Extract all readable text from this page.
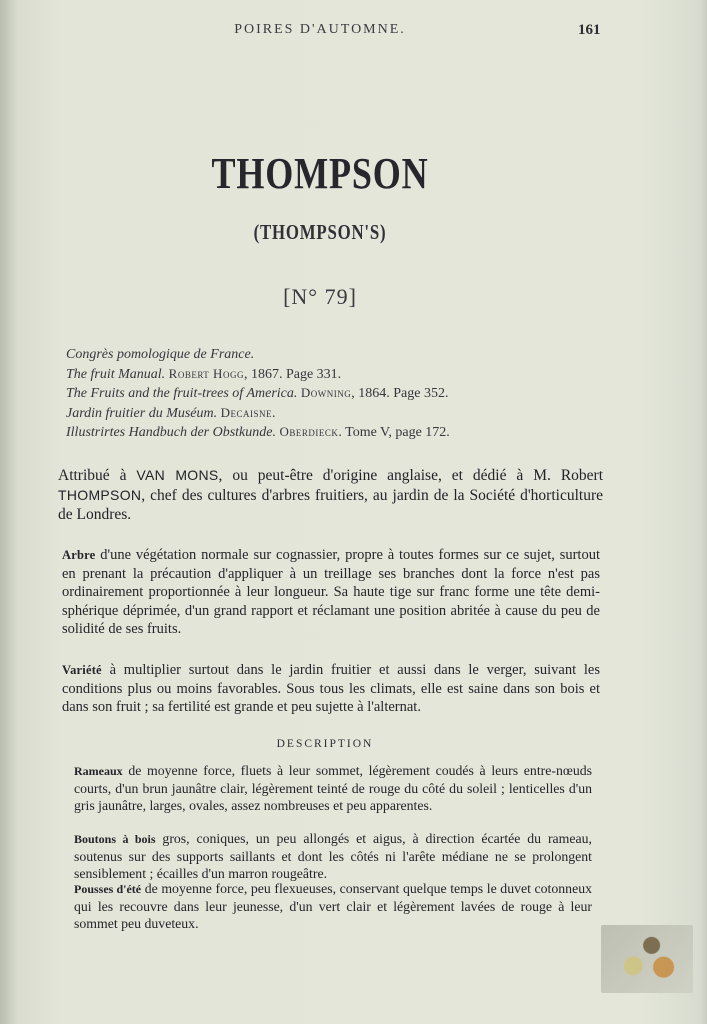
POIRES D'AUTOMNE.	161
THOMPSON
(THOMPSON'S)
[N° 79]
Congrès pomologique de France.
The fruit Manual. Robert Hogg, 1867. Page 331.
The Fruits and the fruit-trees of America. Downing, 1864. Page 352.
Jardin fruitier du Muséum. Decaisne.
Illustrirtes Handbuch der Obstkunde. Oberdieck. Tome V, page 172.
Attribué à VAN MONS, ou peut-être d'origine anglaise, et dédié à M. Robert THOMPSON, chef des cultures d'arbres fruitiers, au jardin de la Société d'horticulture de Londres.
Arbre d'une végétation normale sur cognassier, propre à toutes formes sur ce sujet, surtout en prenant la précaution d'appliquer à un treillage ses branches dont la force n'est pas ordinairement proportionnée à leur longueur. Sa haute tige sur franc forme une tête demi-sphérique déprimée, d'un grand rapport et réclamant une position abritée à cause du peu de solidité de ses fruits.
Variété à multiplier surtout dans le jardin fruitier et aussi dans le verger, suivant les conditions plus ou moins favorables. Sous tous les climats, elle est saine dans son bois et dans son fruit ; sa fertilité est grande et peu sujette à l'alternat.
DESCRIPTION
Rameaux de moyenne force, fluets à leur sommet, légèrement coudés à leurs entre-nœuds courts, d'un brun jaunâtre clair, légèrement teinté de rouge du côté du soleil ; lenticelles d'un gris jaunâtre, larges, ovales, assez nombreuses et peu apparentes.
Boutons à bois gros, coniques, un peu allongés et aigus, à direction écartée du rameau, soutenus sur des supports saillants et dont les côtés ni l'arête médiane ne se prolongent sensiblement ; écailles d'un marron rougeâtre.
Pousses d'été de moyenne force, peu flexueuses, conservant quelque temps le duvet cotonneux qui les recouvre dans leur jeunesse, d'un vert clair et légèrement lavées de rouge à leur sommet peu duveteux.
